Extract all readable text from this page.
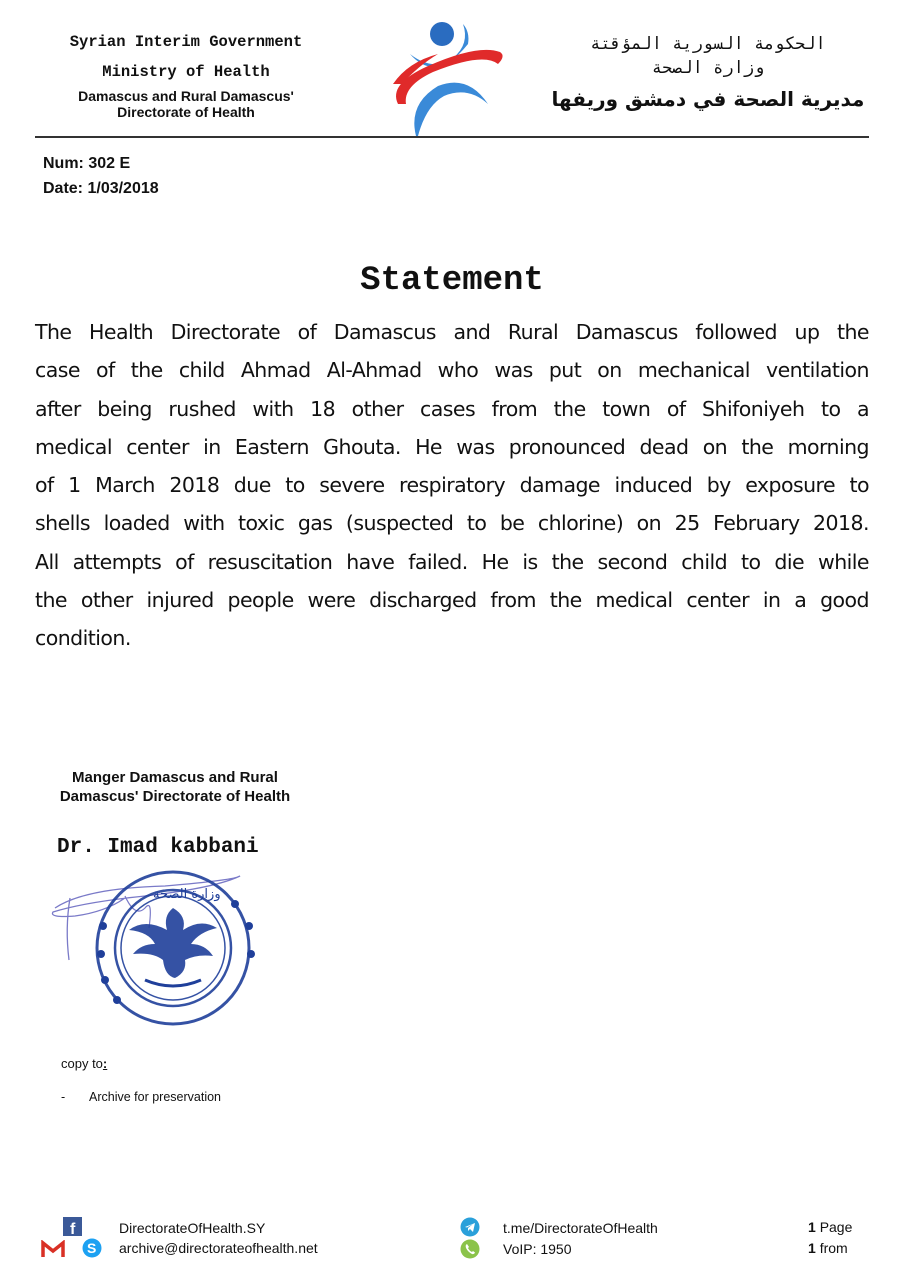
Syrian Interim Government
Ministry of Health
Damascus and Rural Damascus'
Directorate of Health
الحكومة السورية المؤقتة
وزارة الصحة
مديرية الصحة في دمشق وريفها
Num: 302 E
Date: 1/03/2018
Statement
The Health Directorate of Damascus and Rural Damascus followed up the
case of the child Ahmad Al-Ahmad who was put on mechanical ventilation
after being rushed with 18 other cases from the town of Shifoniyeh to a
medical center in Eastern Ghouta. He was pronounced dead on the morning
of 1 March 2018 due to severe respiratory damage induced by exposure to
shells loaded with toxic gas (suspected to be chlorine) on 25 February 2018.
All attempts of resuscitation have failed. He is the second child to die while
the other injured people were discharged from the medical center in a good
condition.
Manger Damascus and Rural
Damascus' Directorate of Health
Dr. Imad kabbani
وزارة الصحة
copy to:
- Archive for preservation
f
S
DirectorateOfHealth.SY
archive@directorateofhealth.net
t.me/DirectorateOfHealth
VoIP: 1950
1 Page
1 from
